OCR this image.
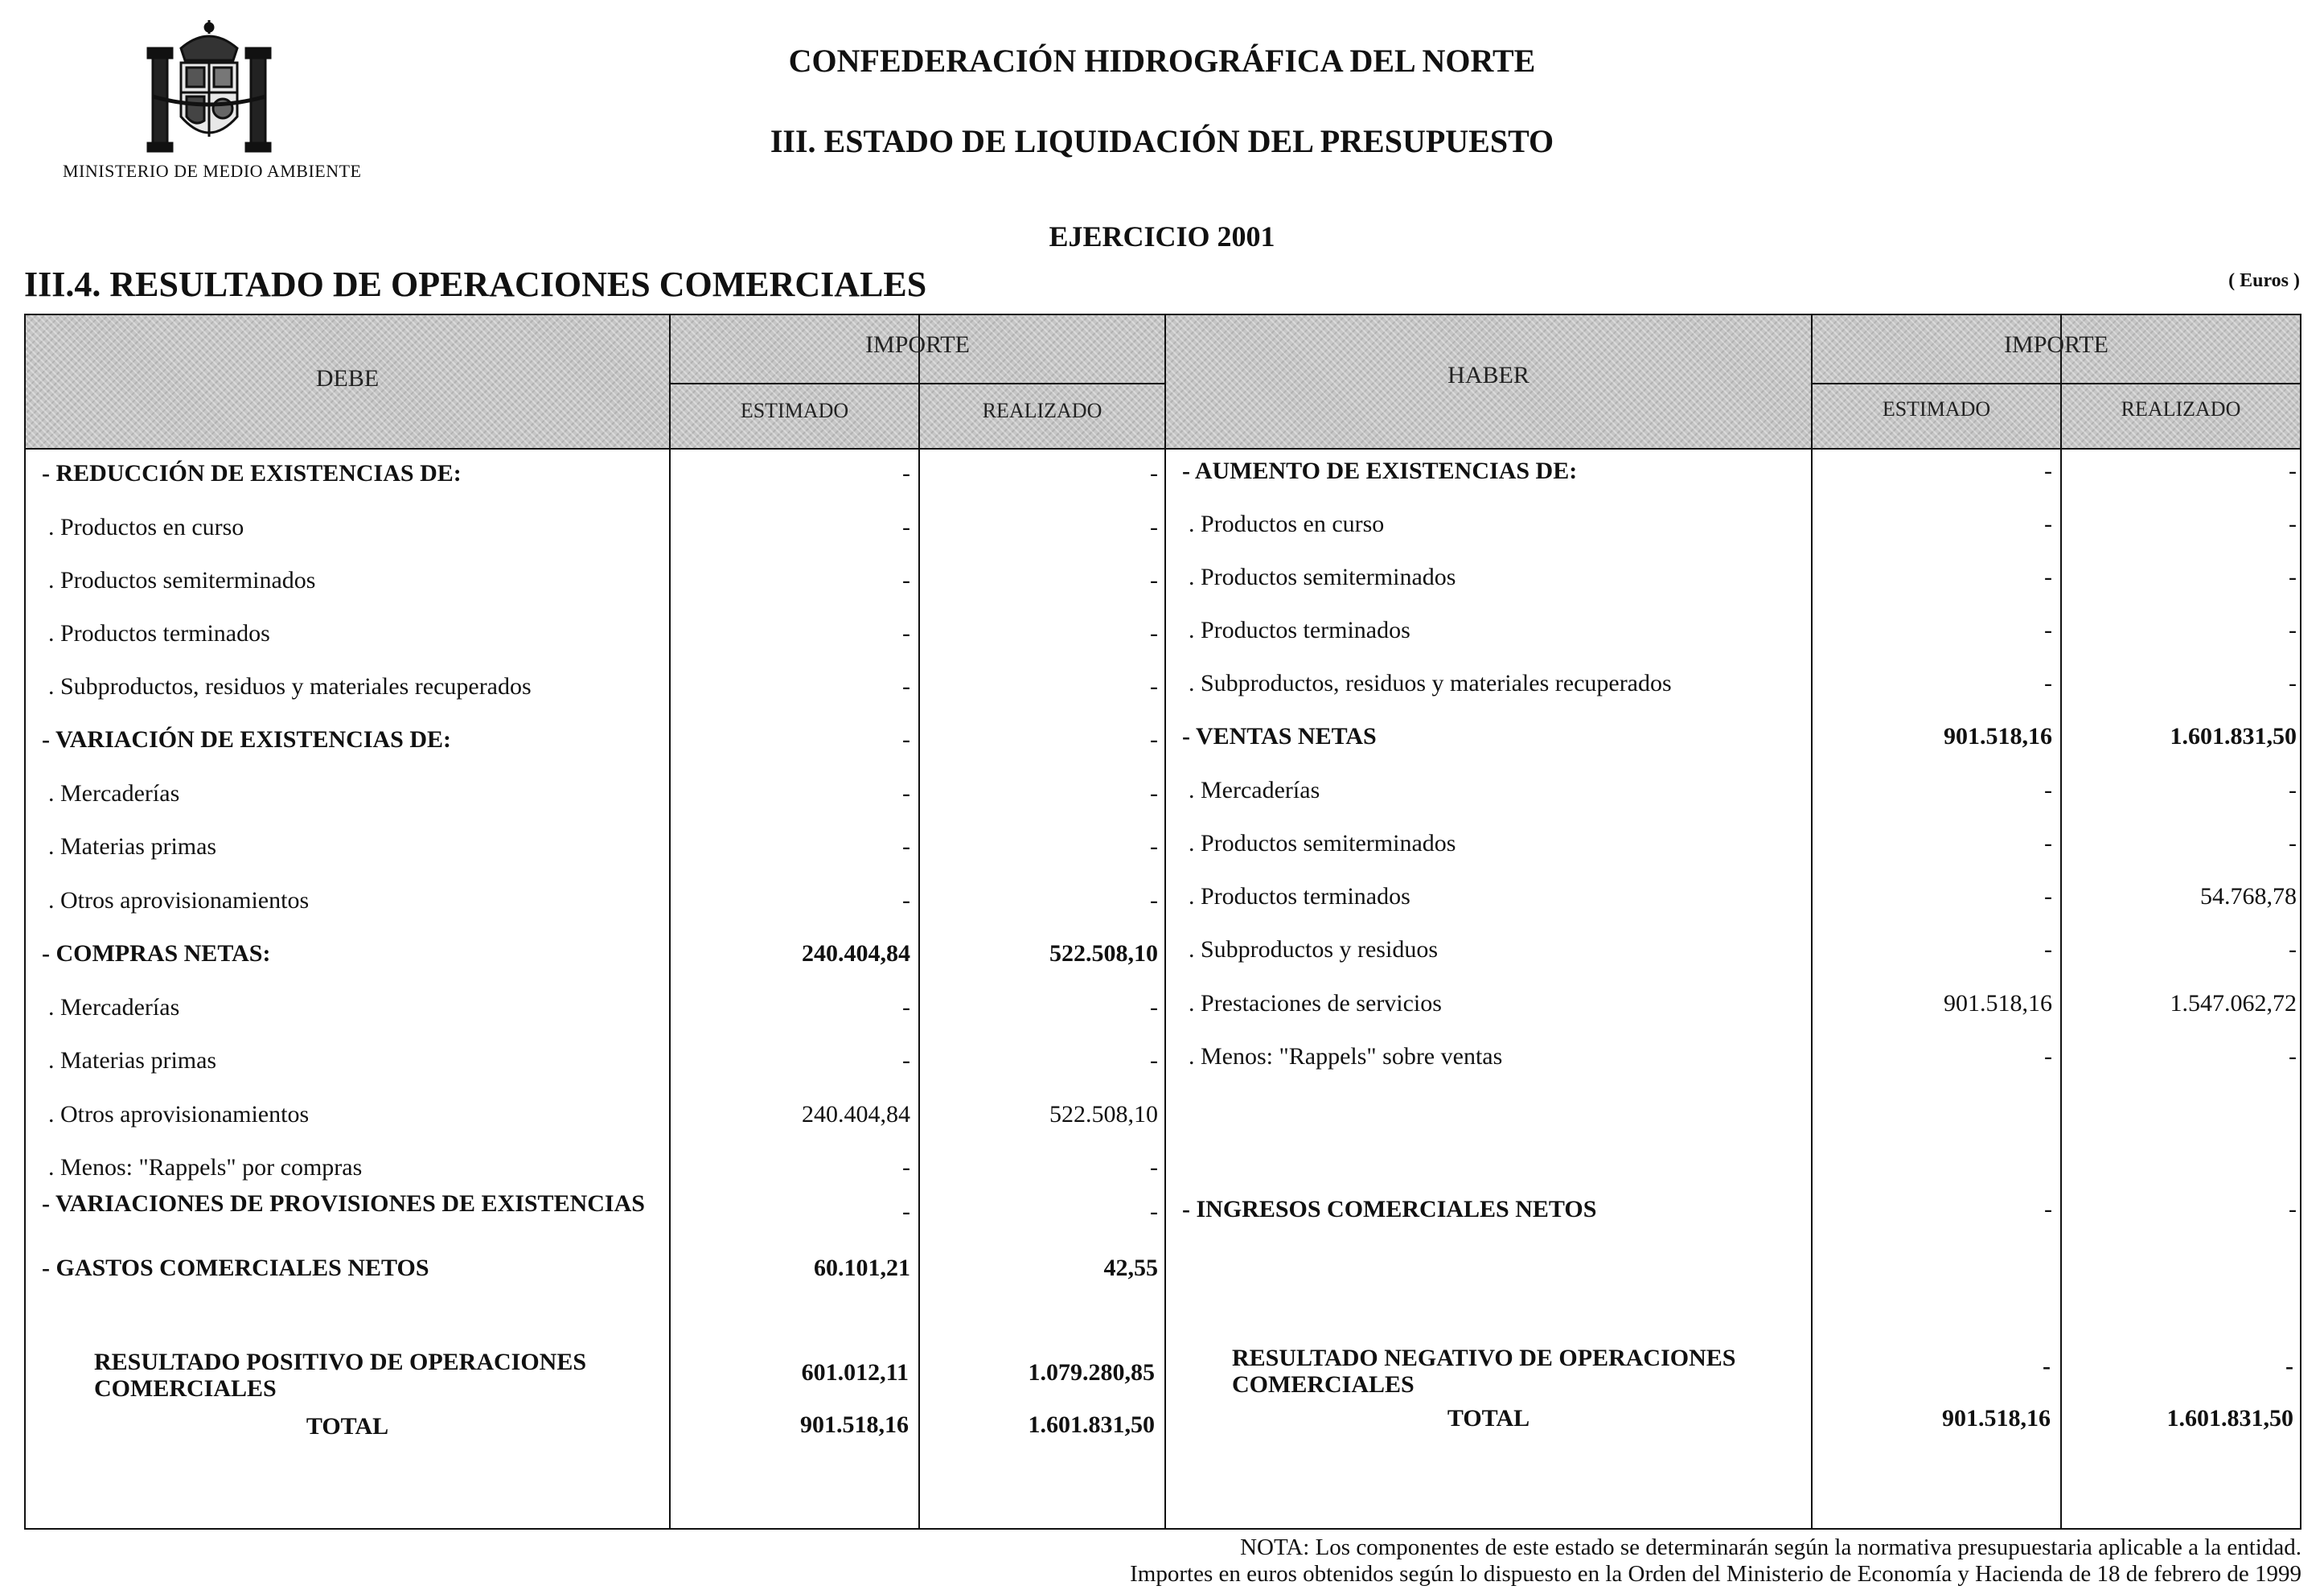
MINISTERIO DE MEDIO AMBIENTE
CONFEDERACIÓN HIDROGRÁFICA DEL NORTE
III. ESTADO DE LIQUIDACIÓN DEL PRESUPUESTO
EJERCICIO 2001
III.4. RESULTADO DE OPERACIONES COMERCIALES	( Euros )
DEBE
IMPORTE
ESTIMADO	REALIZADO
HABER
IMPORTE
ESTIMADO	REALIZADO
- REDUCCIÓN DE EXISTENCIAS DE:	-	-
. Productos en curso	-	-
. Productos semiterminados	-	-
. Productos terminados	-	-
. Subproductos, residuos y materiales recuperados	-	-
- VARIACIÓN DE EXISTENCIAS DE:	-	-
. Mercaderías	-	-
. Materias primas	-	-
. Otros aprovisionamientos	-	-
- COMPRAS NETAS:	240.404,84	522.508,10
. Mercaderías	-	-
. Materias primas	-	-
. Otros aprovisionamientos	240.404,84	522.508,10
. Menos: "Rappels" por compras	-	-
- VARIACIONES DE PROVISIONES DE EXISTENCIAS	-	-
- GASTOS COMERCIALES NETOS	60.101,21	42,55
- AUMENTO DE EXISTENCIAS DE:	-	-
. Productos en curso	-	-
. Productos semiterminados	-	-
. Productos terminados	-	-
. Subproductos, residuos y materiales recuperados	-	-
- VENTAS NETAS	901.518,16	1.601.831,50
. Mercaderías	-	-
. Productos semiterminados	-	-
. Productos terminados	-	54.768,78
. Subproductos y residuos	-	-
. Prestaciones de servicios	901.518,16	1.547.062,72
. Menos: "Rappels" sobre ventas	-	-
- INGRESOS COMERCIALES NETOS	-	-
RESULTADO POSITIVO DE OPERACIONES COMERCIALES
601.012,11	1.079.280,85
TOTAL	901.518,16	1.601.831,50
RESULTADO NEGATIVO DE OPERACIONES COMERCIALES
-	-
TOTAL	901.518,16	1.601.831,50
NOTA: Los componentes de este estado se determinarán según la normativa presupuestaria aplicable a la entidad.
Importes en euros obtenidos según lo dispuesto en la Orden del Ministerio de Economía y Hacienda de 18 de febrero de 1999
